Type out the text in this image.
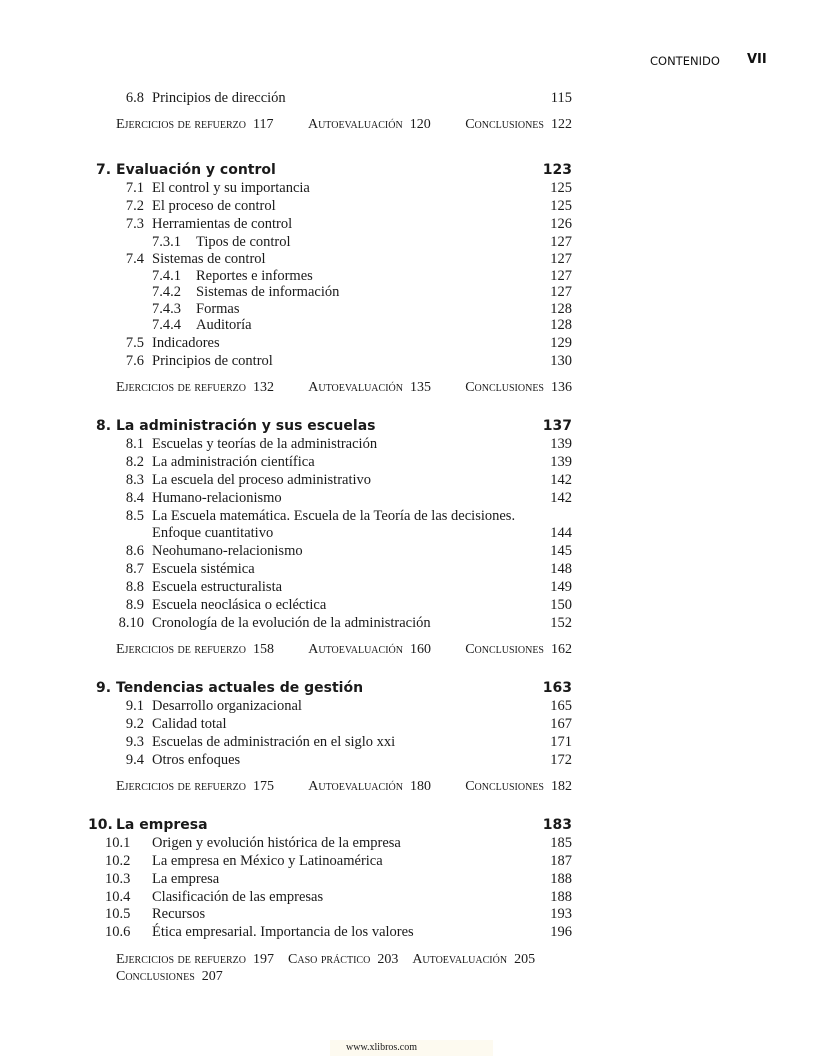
CONTENIDO VII
6.8 Principios de dirección	115
Ejercicios de refuerzo  117 Autoevaluación  120 Conclusiones  122
7. Evaluación y control	123
7.1 El control y su importancia	125
7.2 El proceso de control	125
7.3 Herramientas de control	126
7.3.1 Tipos de control	127
7.4 Sistemas de control	127
7.4.1 Reportes e informes	127
7.4.2 Sistemas de información	127
7.4.3 Formas	128
7.4.4 Auditoría	128
7.5 Indicadores	129
7.6 Principios de control	130
Ejercicios de refuerzo  132 Autoevaluación  135 Conclusiones  136
8. La administración y sus escuelas	137
8.1 Escuelas y teorías de la administración	139
8.2 La administración científica	139
8.3 La escuela del proceso administrativo	142
8.4 Humano-relacionismo	142
8.5 La Escuela matemática. Escuela de la Teoría de las decisiones.
Enfoque cuantitativo	144
8.6 Neohumano-relacionismo	145
8.7 Escuela sistémica	148
8.8 Escuela estructuralista	149
8.9 Escuela neoclásica o ecléctica	150
8.10 Cronología de la evolución de la administración	152
Ejercicios de refuerzo  158 Autoevaluación  160 Conclusiones  162
9. Tendencias actuales de gestión	163
9.1 Desarrollo organizacional	165
9.2 Calidad total	167
9.3 Escuelas de administración en el siglo xxi	171
9.4 Otros enfoques	172
Ejercicios de refuerzo  175 Autoevaluación  180 Conclusiones  182
10. La empresa	183
10.1 Origen y evolución histórica de la empresa	185
10.2 La empresa en México y Latinoamérica	187
10.3 La empresa	188
10.4 Clasificación de las empresas	188
10.5 Recursos	193
10.6 Ética empresarial. Importancia de los valores	196
Ejercicios de refuerzo  197 Caso práctico  203 Autoevaluación  205Conclusiones  207
www.xlibros.com
